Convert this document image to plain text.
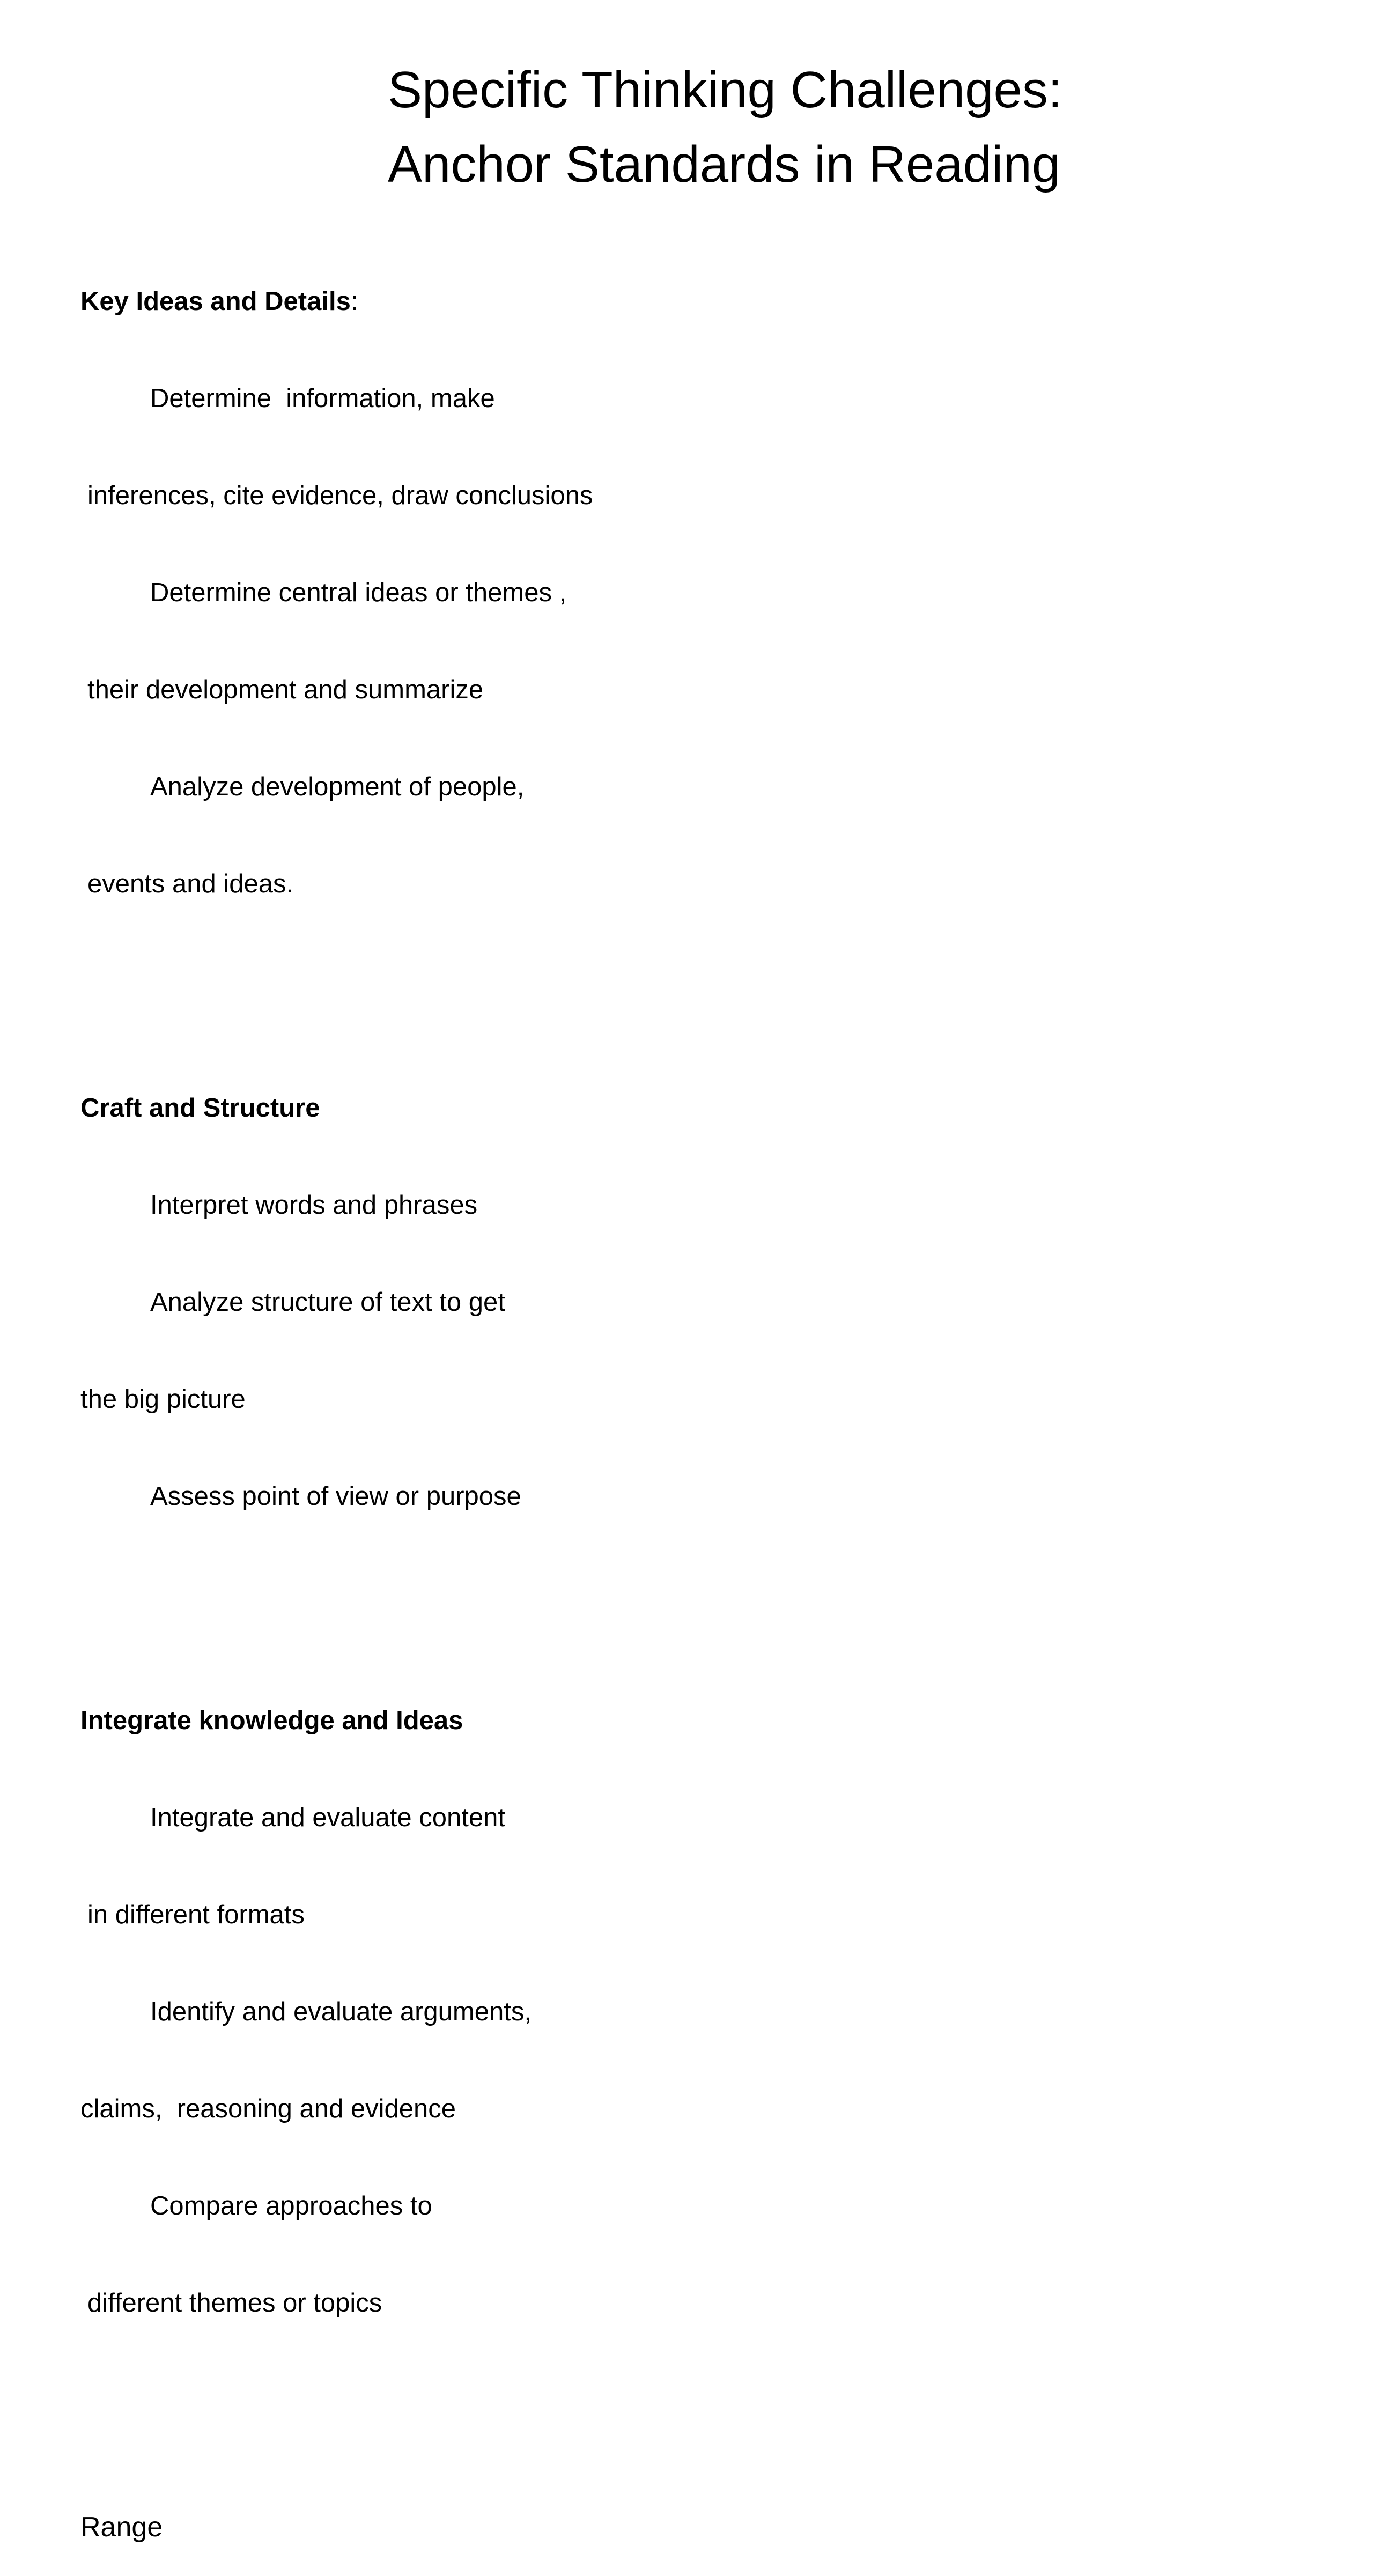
Specific Thinking Challenges:
Anchor Standards in Reading

Key Ideas and Details:

Determine  information, make

inferences, cite evidence, draw conclusions

Determine central ideas or themes ,

their development and summarize

Analyze development of people,

events and ideas.

Craft and Structure

Interpret words and phrases

Analyze structure of text to get

the big picture

Assess point of view or purpose

Integrate knowledge and Ideas

Integrate and evaluate content

in different formats

Identify and evaluate arguments,

claims,  reasoning and evidence

Compare approaches to

different themes or topics

Range
